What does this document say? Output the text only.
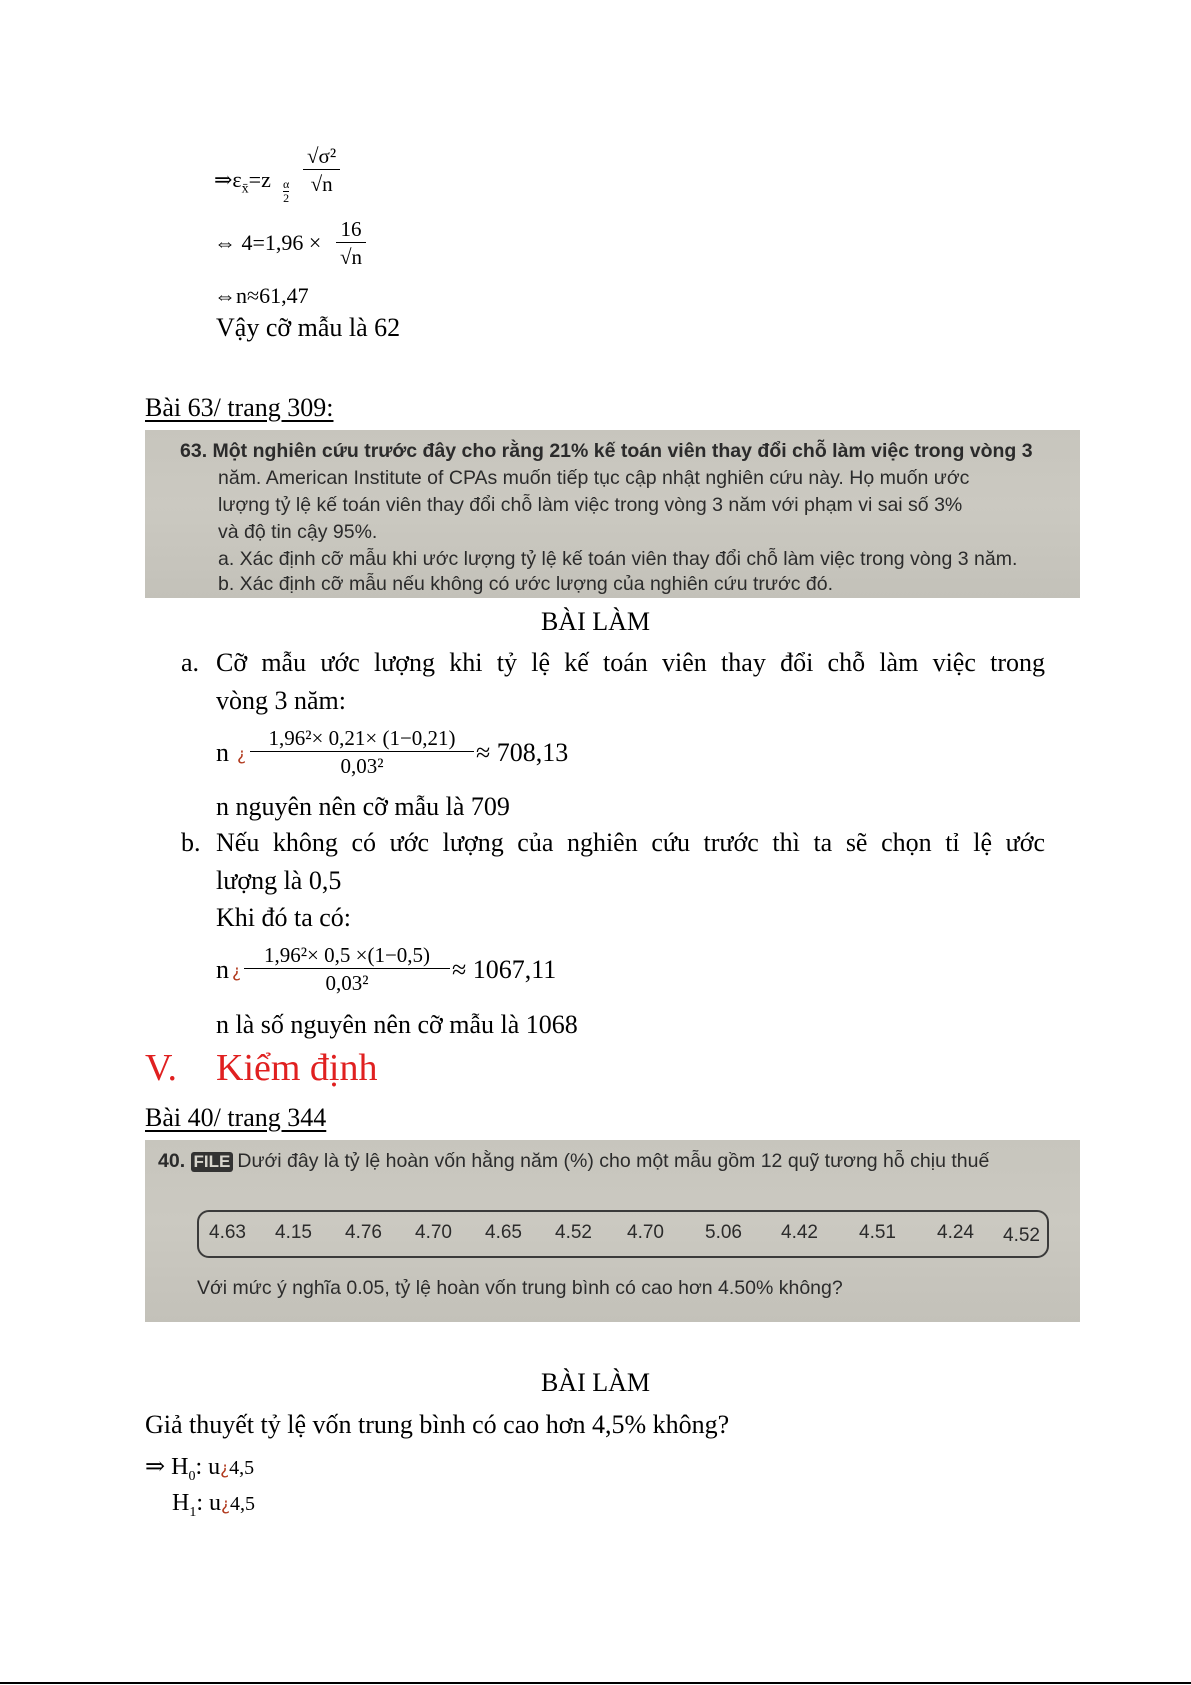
$\Rightarrow\varepsilon_{x̄}=z$ α
2
$\frac{\text{√σ²}}{√n}$
⇔ $4=1,96 \times \frac{16}{√n}$
⇔n≈61,47
Vậy cỡ mẫu là 62
Bài 63/ trang 309:
63. Một nghiên cứu trước đây cho rằng 21% kế toán viên thay đổi chỗ làm việc trong vòng 3
năm. American Institute of CPAs muốn tiếp tục cập nhật nghiên cứu này. Họ muốn ước
lượng tỷ lệ kế toán viên thay đổi chỗ làm việc trong vòng 3 năm với phạm vi sai số 3%
và độ tin cậy 95%.
a. Xác định cỡ mẫu khi ước lượng tỷ lệ kế toán viên thay đổi chỗ làm việc trong vòng 3 năm.
b. Xác định cỡ mẫu nếu không có ước lượng của nghiên cứu trước đó.
BÀI LÀM
a. Cỡ mẫu ước lượng khi tỷ lệ kế toán viên thay đổi chỗ làm việc trong
vòng 3 năm:
n ¿ $\frac{\text{1,96²× 0,21× (1−0,21)}}{\text{0,03²}} \approx 708,13$
n nguyên nên cỡ mẫu là 709
b. Nếu không có ước lượng của nghiên cứu trước thì ta sẽ chọn tỉ lệ ước
lượng là 0,5
Khi đó ta có:
n ¿ $\frac{\text{1,96²× 0,5 ×(1−0,5)}}{\text{0,03²}} \approx 1067,11$
n là số nguyên nên cỡ mẫu là 1068
V. Kiểm định
Bài 40/ trang 344
40. FILE Dưới đây là tỷ lệ hoàn vốn hằng năm (%) cho một mẫu gồm 12 quỹ tương hỗ chịu thuế
4.63 4.15 4.76 4.70 4.65 4.52 4.70 5.06 4.42 4.51 4.24 4.52
Với mức ý nghĩa 0.05, tỷ lệ hoàn vốn trung bình có cao hơn 4.50% không?
BÀI LÀM
Giả thuyết tỷ lệ vốn trung bình có cao hơn 4,5% không?
⇒ $H_0$: u¿4,5
$H_1$: u¿4,5
